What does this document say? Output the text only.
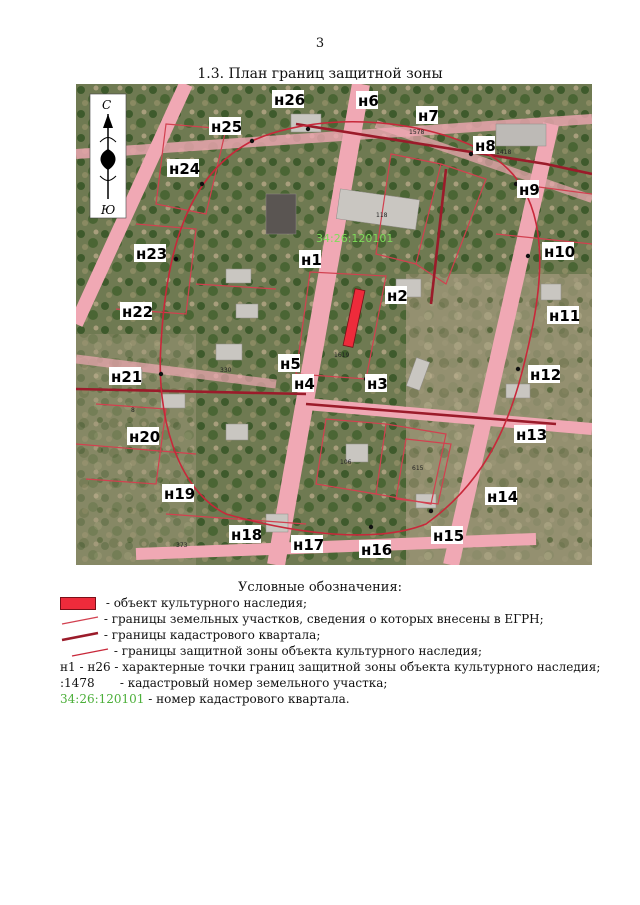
3
1.3. План границ защитной зоны
1578
1418
118
1619
330
106
615
373
8
34:26:120101
н1
н2
н3
н4
н5
н6
н7
н8
н9
н10
н11
н12
н13
н14
н15
н16
н17
н18
н19
н20
н21
н22
н23
н24
н25
н26
С
Ю
Условные обозначения:
- объект культурного наследия;
- границы земельных участков, сведения о которых внесены в ЕГРН;
- границы кадастрового квартала;
- границы защитной зоны объекта культурного наследия;
н1 - н26 - характерные точки границ защитной зоны объекта культурного наследия;
:1478 - кадастровый номер земельного участка;
34:26:120101 - номер кадастрового квартала.
